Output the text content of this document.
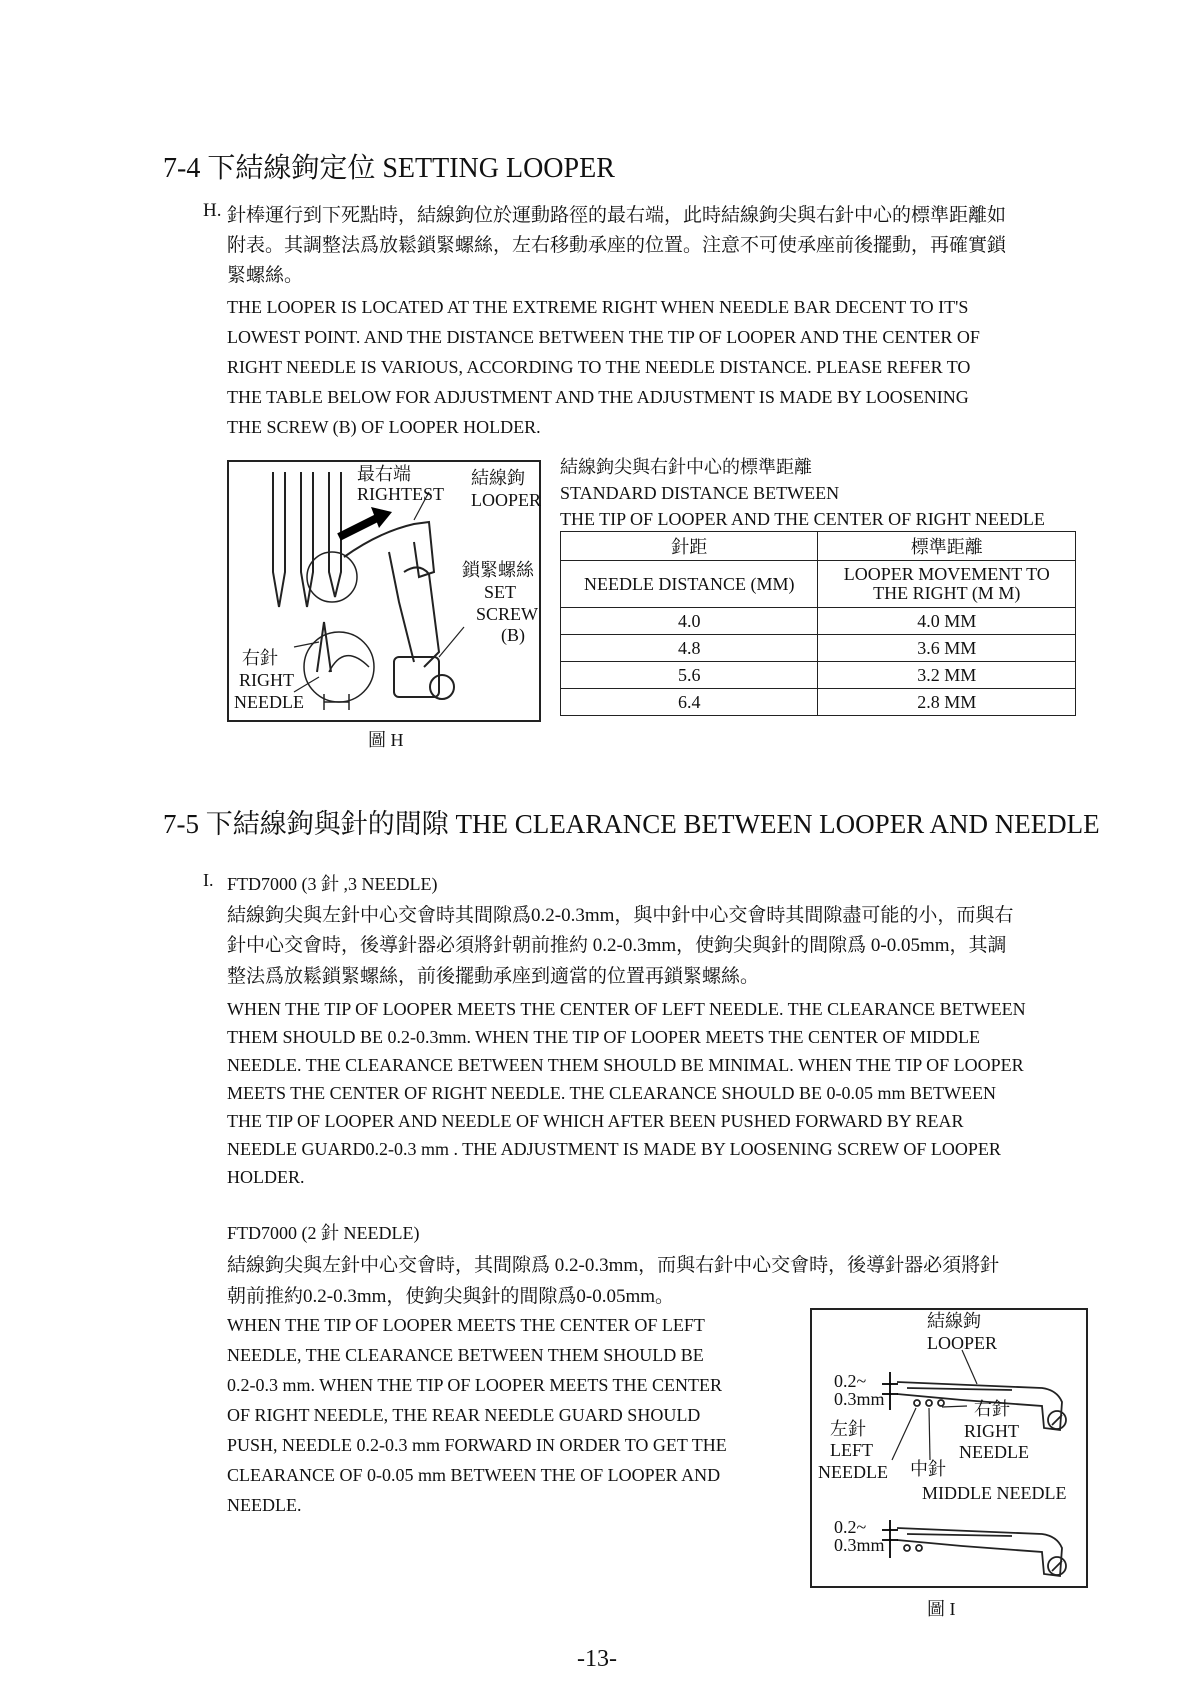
7-4 下結線鉤定位 SETTING LOOPER
H. 針棒運行到下死點時，結線鉤位於運動路徑的最右端，此時結線鉤尖與右針中心的標準距離如
附表。其調整法爲放鬆鎖緊螺絲，左右移動承座的位置。注意不可使承座前後擺動，再確實鎖
緊螺絲。
THE LOOPER IS LOCATED AT THE EXTREME RIGHT WHEN NEEDLE BAR DECENT TO IT'S
LOWEST POINT. AND THE DISTANCE BETWEEN THE TIP OF LOOPER AND THE CENTER OF
RIGHT NEEDLE IS VARIOUS, ACCORDING TO THE NEEDLE DISTANCE. PLEASE REFER TO
THE TABLE BELOW FOR ADJUSTMENT AND THE ADJUSTMENT IS MADE BY LOOSENING
THE SCREW (B) OF LOOPER HOLDER.
最右端
RIGHTEST
結線鉤
LOOPER
鎖緊螺絲
SET
SCREW
(B)
右針
RIGHT
NEEDLE
圖 H
結線鉤尖與右針中心的標準距離
STANDARD DISTANCE BETWEEN
THE TIP OF LOOPER AND THE CENTER OF RIGHT NEEDLE
針距	標準距離
NEEDLE DISTANCE (MM)	LOOPER MOVEMENT TO
THE RIGHT (M M)

4.0	4.0 MM
4.8	3.6 MM
5.6	3.2 MM
6.4	2.8 MM
7-5 下結線鉤與針的間隙 THE CLEARANCE BETWEEN LOOPER AND NEEDLE
I. FTD7000 (3 針 ,3 NEEDLE)
結線鉤尖與左針中心交會時其間隙爲0.2-0.3mm，與中針中心交會時其間隙盡可能的小，而與右
針中心交會時，後導針器必須將針朝前推約 0.2-0.3mm，使鉤尖與針的間隙爲 0-0.05mm，其調
整法爲放鬆鎖緊螺絲，前後擺動承座到適當的位置再鎖緊螺絲。
WHEN THE TIP OF LOOPER MEETS THE CENTER OF LEFT NEEDLE. THE CLEARANCE BETWEEN
THEM SHOULD BE 0.2-0.3mm. WHEN THE TIP OF LOOPER MEETS THE CENTER OF MIDDLE
NEEDLE. THE CLEARANCE BETWEEN THEM SHOULD BE MINIMAL. WHEN THE TIP OF LOOPER
MEETS THE CENTER OF RIGHT NEEDLE. THE CLEARANCE SHOULD BE 0-0.05 mm BETWEEN
THE TIP OF LOOPER AND NEEDLE OF WHICH AFTER BEEN PUSHED FORWARD BY REAR
NEEDLE GUARD0.2-0.3 mm . THE ADJUSTMENT IS MADE BY LOOSENING SCREW OF LOOPER
HOLDER.
FTD7000 (2 針 NEEDLE)
結線鉤尖與左針中心交會時，其間隙爲 0.2-0.3mm，而與右針中心交會時，後導針器必須將針
朝前推約0.2-0.3mm，使鉤尖與針的間隙爲0-0.05mm。
WHEN THE TIP OF LOOPER MEETS THE CENTER OF LEFT
NEEDLE, THE CLEARANCE BETWEEN THEM SHOULD BE
0.2-0.3 mm. WHEN THE TIP OF LOOPER MEETS THE CENTER
OF RIGHT NEEDLE, THE REAR NEEDLE GUARD SHOULD
PUSH, NEEDLE 0.2-0.3 mm FORWARD IN ORDER TO GET THE
CLEARANCE OF 0-0.05 mm BETWEEN THE OF LOOPER AND
NEEDLE.
結線鉤
LOOPER
0.2~
0.3mm	右針
RIGHT
NEEDLE
左針
LEFT
NEEDLE 中針
MIDDLE NEEDLE
0.2~
0.3mm
圖 I
-13-
